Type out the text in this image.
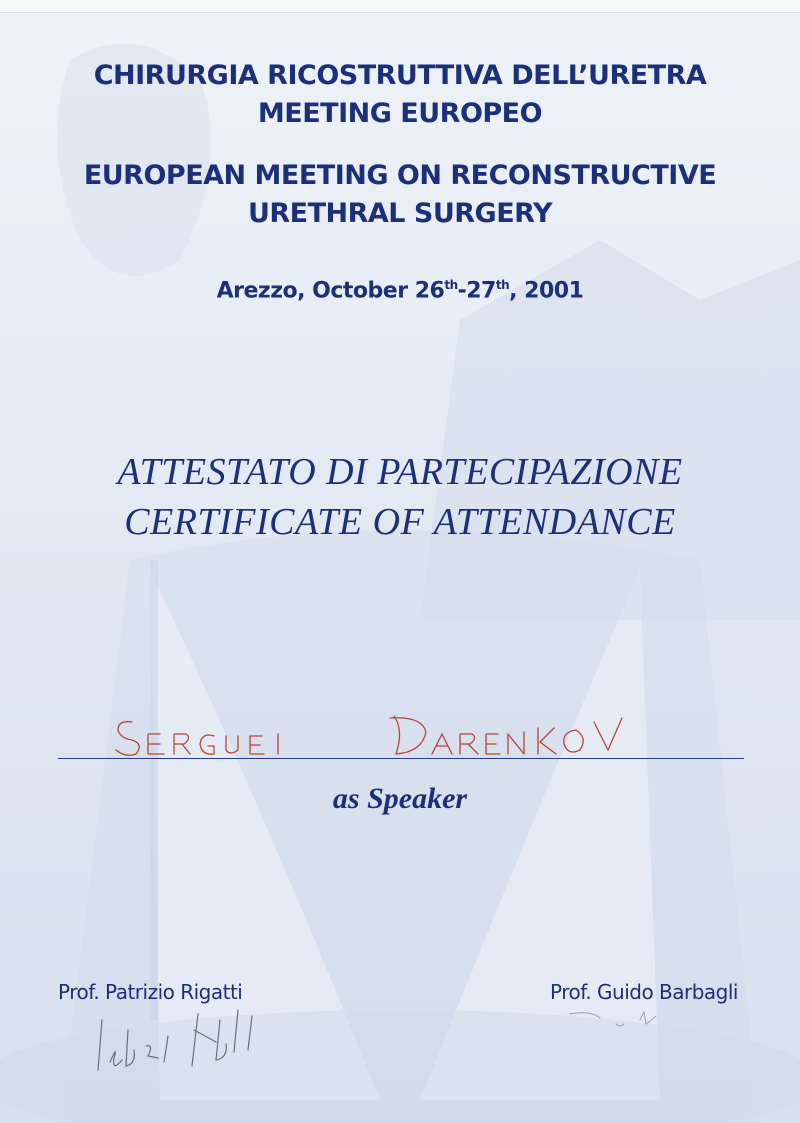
CHIRURGIA RICOSTRUTTIVA DELL’URETRA
MEETING EUROPEO
EUROPEAN MEETING ON RECONSTRUCTIVE
URETHRAL SURGERY
Arezzo, October 26th-27th, 2001
ATTESTATO DI PARTECIPAZIONE
CERTIFICATE OF ATTENDANCE
as Speaker
Prof. Patrizio Rigatti	Prof. Guido Barbagli
